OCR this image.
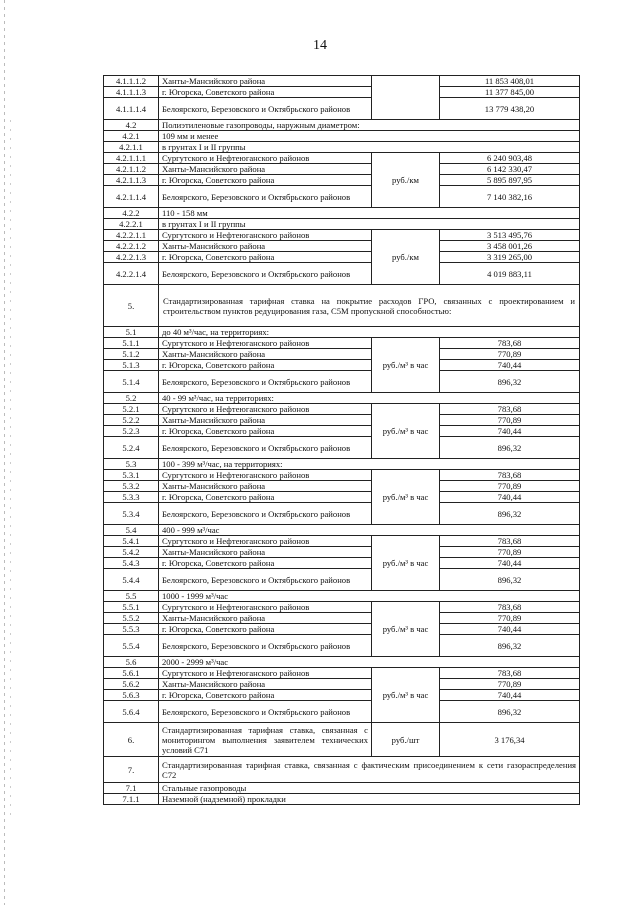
14
4.1.1.1.2	Ханты-Мансийского района		11 853 408,01
4.1.1.1.3	г. Югорска, Советского района		11 377 845,00
4.1.1.1.4	Белоярского, Березовского и Октябрьского районов		13 779 438,20
4.2	Полиэтиленовые газопроводы, наружным диаметром:		
4.2.1	109 мм и менее		
4.2.1.1	в грунтах I и II группы		
4.2.1.1.1	Сургутского и Нефтеюганского районов	руб./км	6 240 903,48
4.2.1.1.2	Ханты-Мансийского района		6 142 330,47
4.2.1.1.3	г. Югорска, Советского района		5 895 897,95
4.2.1.1.4	Белоярского, Березовского и Октябрьского районов		7 140 382,16
4.2.2	110 - 158 мм		
4.2.2.1	в грунтах I и II группы		
4.2.2.1.1	Сургутского и Нефтеюганского районов	руб./км	3 513 495,76
4.2.2.1.2	Ханты-Мансийского района		3 458 001,26
4.2.2.1.3	г. Югорска, Советского района		3 319 265,00
4.2.2.1.4	Белоярского, Березовского и Октябрьского районов		4 019 883,11
5.	Стандартизированная тарифная ставка на покрытие расходов ГРО, связанных с проектированием и строительством пунктов редуцирования газа, C5M пропускной способностью:		
5.1	до 40 м³/час, на территориях:		
5.1.1	Сургутского и Нефтеюганского районов	руб./м³ в час	783,68
5.1.2	Ханты-Мансийского района		770,89
5.1.3	г. Югорска, Советского района		740,44
5.1.4	Белоярского, Березовского и Октябрьского районов		896,32
5.2	40 - 99 м³/час, на территориях:		
5.2.1	Сургутского и Нефтеюганского районов	руб./м³ в час	783,68
5.2.2	Ханты-Мансийского района		770,89
5.2.3	г. Югорска, Советского района		740,44
5.2.4	Белоярского, Березовского и Октябрьского районов		896,32
5.3	100 - 399 м³/час, на территориях:		
5.3.1	Сургутского и Нефтеюганского районов	руб./м³ в час	783,68
5.3.2	Ханты-Мансийского района		770,89
5.3.3	г. Югорска, Советского района		740,44
5.3.4	Белоярского, Березовского и Октябрьского районов		896,32
5.4	400 - 999 м³/час		
5.4.1	Сургутского и Нефтеюганского районов	руб./м³ в час	783,68
5.4.2	Ханты-Мансийского района		770,89
5.4.3	г. Югорска, Советского района		740,44
5.4.4	Белоярского, Березовского и Октябрьского районов		896,32
5.5	1000 - 1999 м³/час		
5.5.1	Сургутского и Нефтеюганского районов	руб./м³ в час	783,68
5.5.2	Ханты-Мансийского района		770,89
5.5.3	г. Югорска, Советского района		740,44
5.5.4	Белоярского, Березовского и Октябрьского районов		896,32
5.6	2000 - 2999 м³/час		
5.6.1	Сургутского и Нефтеюганского районов	руб./м³ в час	783,68
5.6.2	Ханты-Мансийского района		770,89
5.6.3	г. Югорска, Советского района		740,44
5.6.4	Белоярского, Березовского и Октябрьского районов		896,32
6.	Стандартизированная тарифная ставка, связанная с мониторингом выполнения заявителем технических условий C71	руб./шт	3 176,34
7.	Стандартизированная тарифная ставка, связанная с фактическим присоединением к сети газораспределения C72		
7.1	Стальные газопроводы		
7.1.1	Наземной (надземной) прокладки		
